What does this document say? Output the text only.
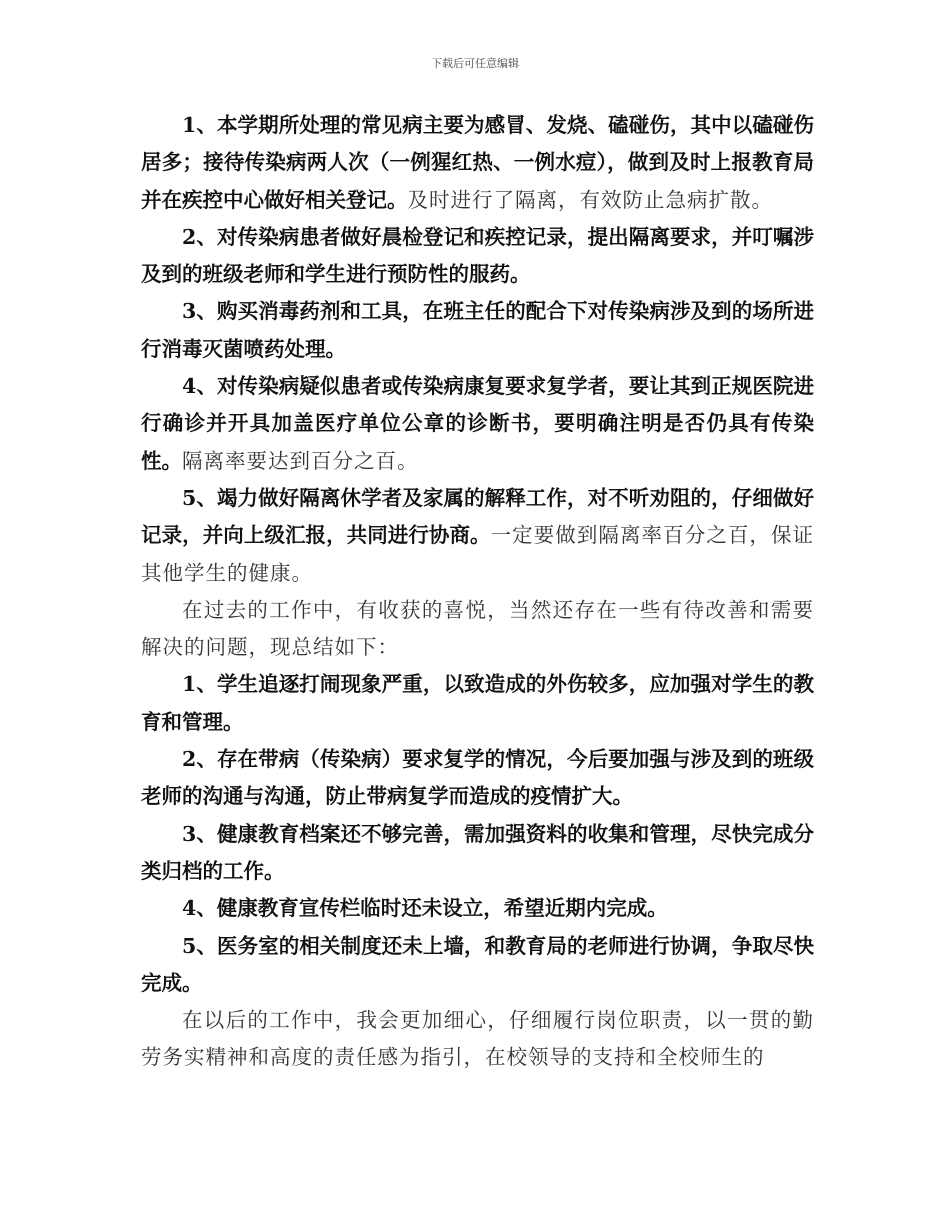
下载后可任意编辑

1、本学期所处理的常见病主要为感冒、发烧、磕碰伤，其中以磕碰伤居多；接待传染病两人次（一例猩红热、一例水痘），做到及时上报教育局并在疾控中心做好相关登记。及时进行了隔离，有效防止急病扩散。

2、对传染病患者做好晨检登记和疾控记录，提出隔离要求，并叮嘱涉及到的班级老师和学生进行预防性的服药。

3、购买消毒药剂和工具，在班主任的配合下对传染病涉及到的场所进行消毒灭菌喷药处理。

4、对传染病疑似患者或传染病康复要求复学者，要让其到正规医院进行确诊并开具加盖医疗单位公章的诊断书，要明确注明是否仍具有传染性。隔离率要达到百分之百。

5、竭力做好隔离休学者及家属的解释工作，对不听劝阻的，仔细做好记录，并向上级汇报，共同进行协商。一定要做到隔离率百分之百，保证其他学生的健康。

在过去的工作中，有收获的喜悦，当然还存在一些有待改善和需要解决的问题，现总结如下：

1、学生追逐打闹现象严重，以致造成的外伤较多，应加强对学生的教育和管理。

2、存在带病（传染病）要求复学的情况，今后要加强与涉及到的班级老师的沟通与沟通，防止带病复学而造成的疫情扩大。

3、健康教育档案还不够完善，需加强资料的收集和管理，尽快完成分类归档的工作。

4、健康教育宣传栏临时还未设立，希望近期内完成。

5、医务室的相关制度还未上墙，和教育局的老师进行协调，争取尽快完成。

在以后的工作中，我会更加细心，仔细履行岗位职责，以一贯的勤劳务实精神和高度的责任感为指引，在校领导的支持和全校师生的
